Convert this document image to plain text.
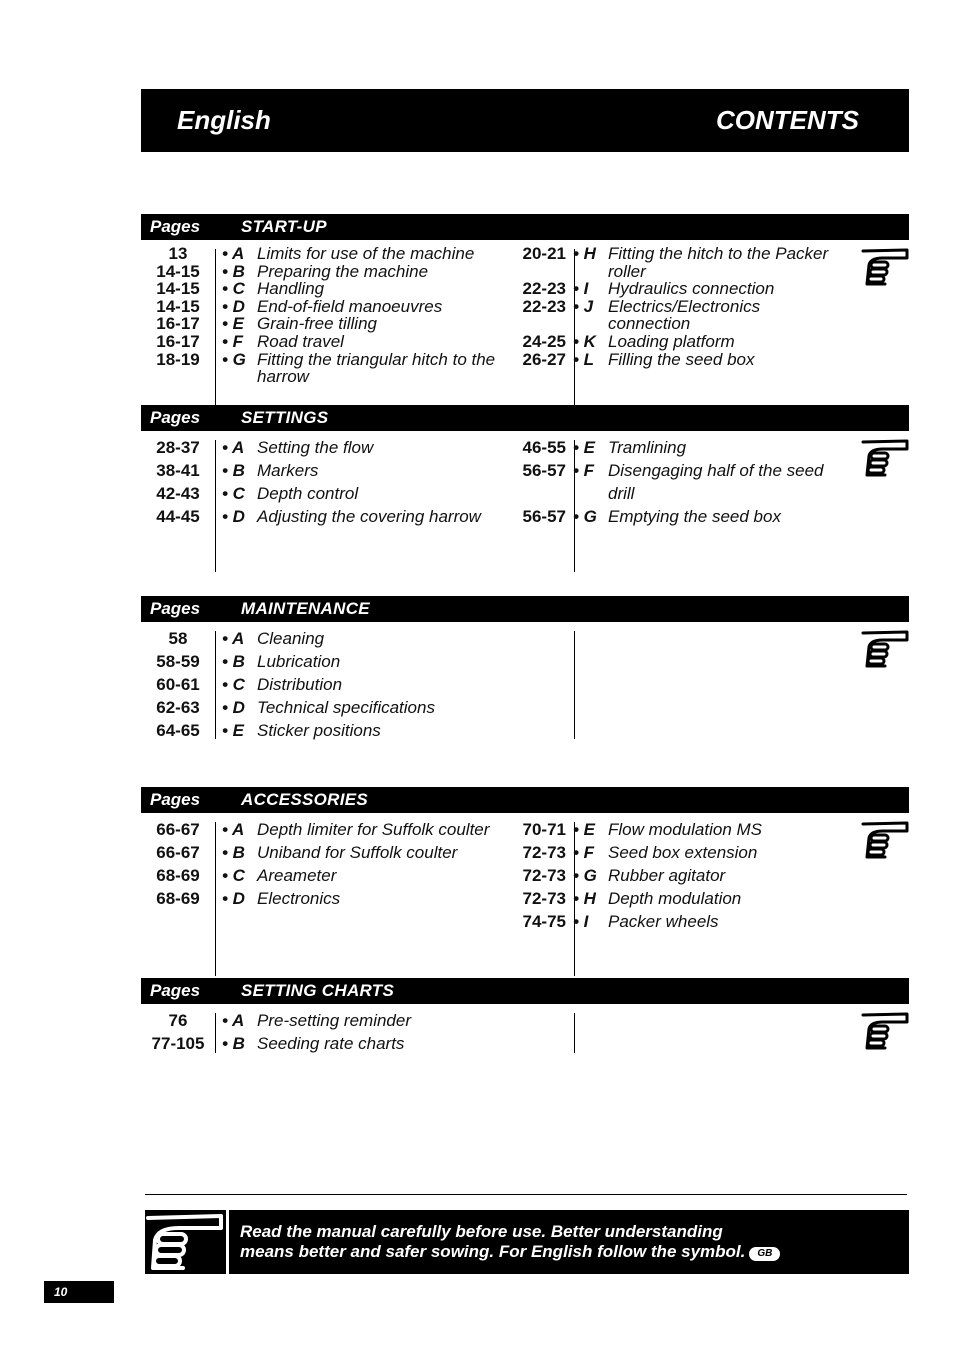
English	CONTENTS
Pages START-UP
13	• A Limits for use of the machine
14-15	• B Preparing the machine
14-15	• C Handling
14-15	• D End-of-field manoeuvres
16-17	• E Grain-free tilling
16-17	• F Road travel
18-19	• G Fitting the triangular hitch to the harrow
20-21 • H Fitting the hitch to the Packer roller
22-23 • I	Hydraulics connection
22-23 • J Electrics/Electronics connection
24-25 • K Loading platform
26-27 • L Filling the seed box
Pages SETTINGS
28-37	• A Setting the flow
38-41	• B Markers
42-43	• C Depth control
44-45	• D Adjusting the covering harrow
46-55 • E Tramlining
56-57 • F Disengaging half of the seed drill
56-57 • G Emptying the seed box
Pages MAINTENANCE
58	• A Cleaning
58-59	• B Lubrication
60-61	• C Distribution
62-63	• D Technical specifications
64-65	• E Sticker positions
Pages ACCESSORIES
66-67	• A Depth limiter for Suffolk coulter
66-67	• B Uniband for Suffolk coulter
68-69	• C Areameter
68-69	• D Electronics
70-71 • E Flow modulation MS
72-73 • F Seed box extension
72-73 • G Rubber agitator
72-73 • H Depth modulation
74-75 • I	Packer wheels
Pages SETTING CHARTS
76	• A Pre-setting reminder
77-105	• B Seeding rate charts
Read the manual carefully before use. Better understanding
means better and safer sowing. For English follow the symbol. GB
10
